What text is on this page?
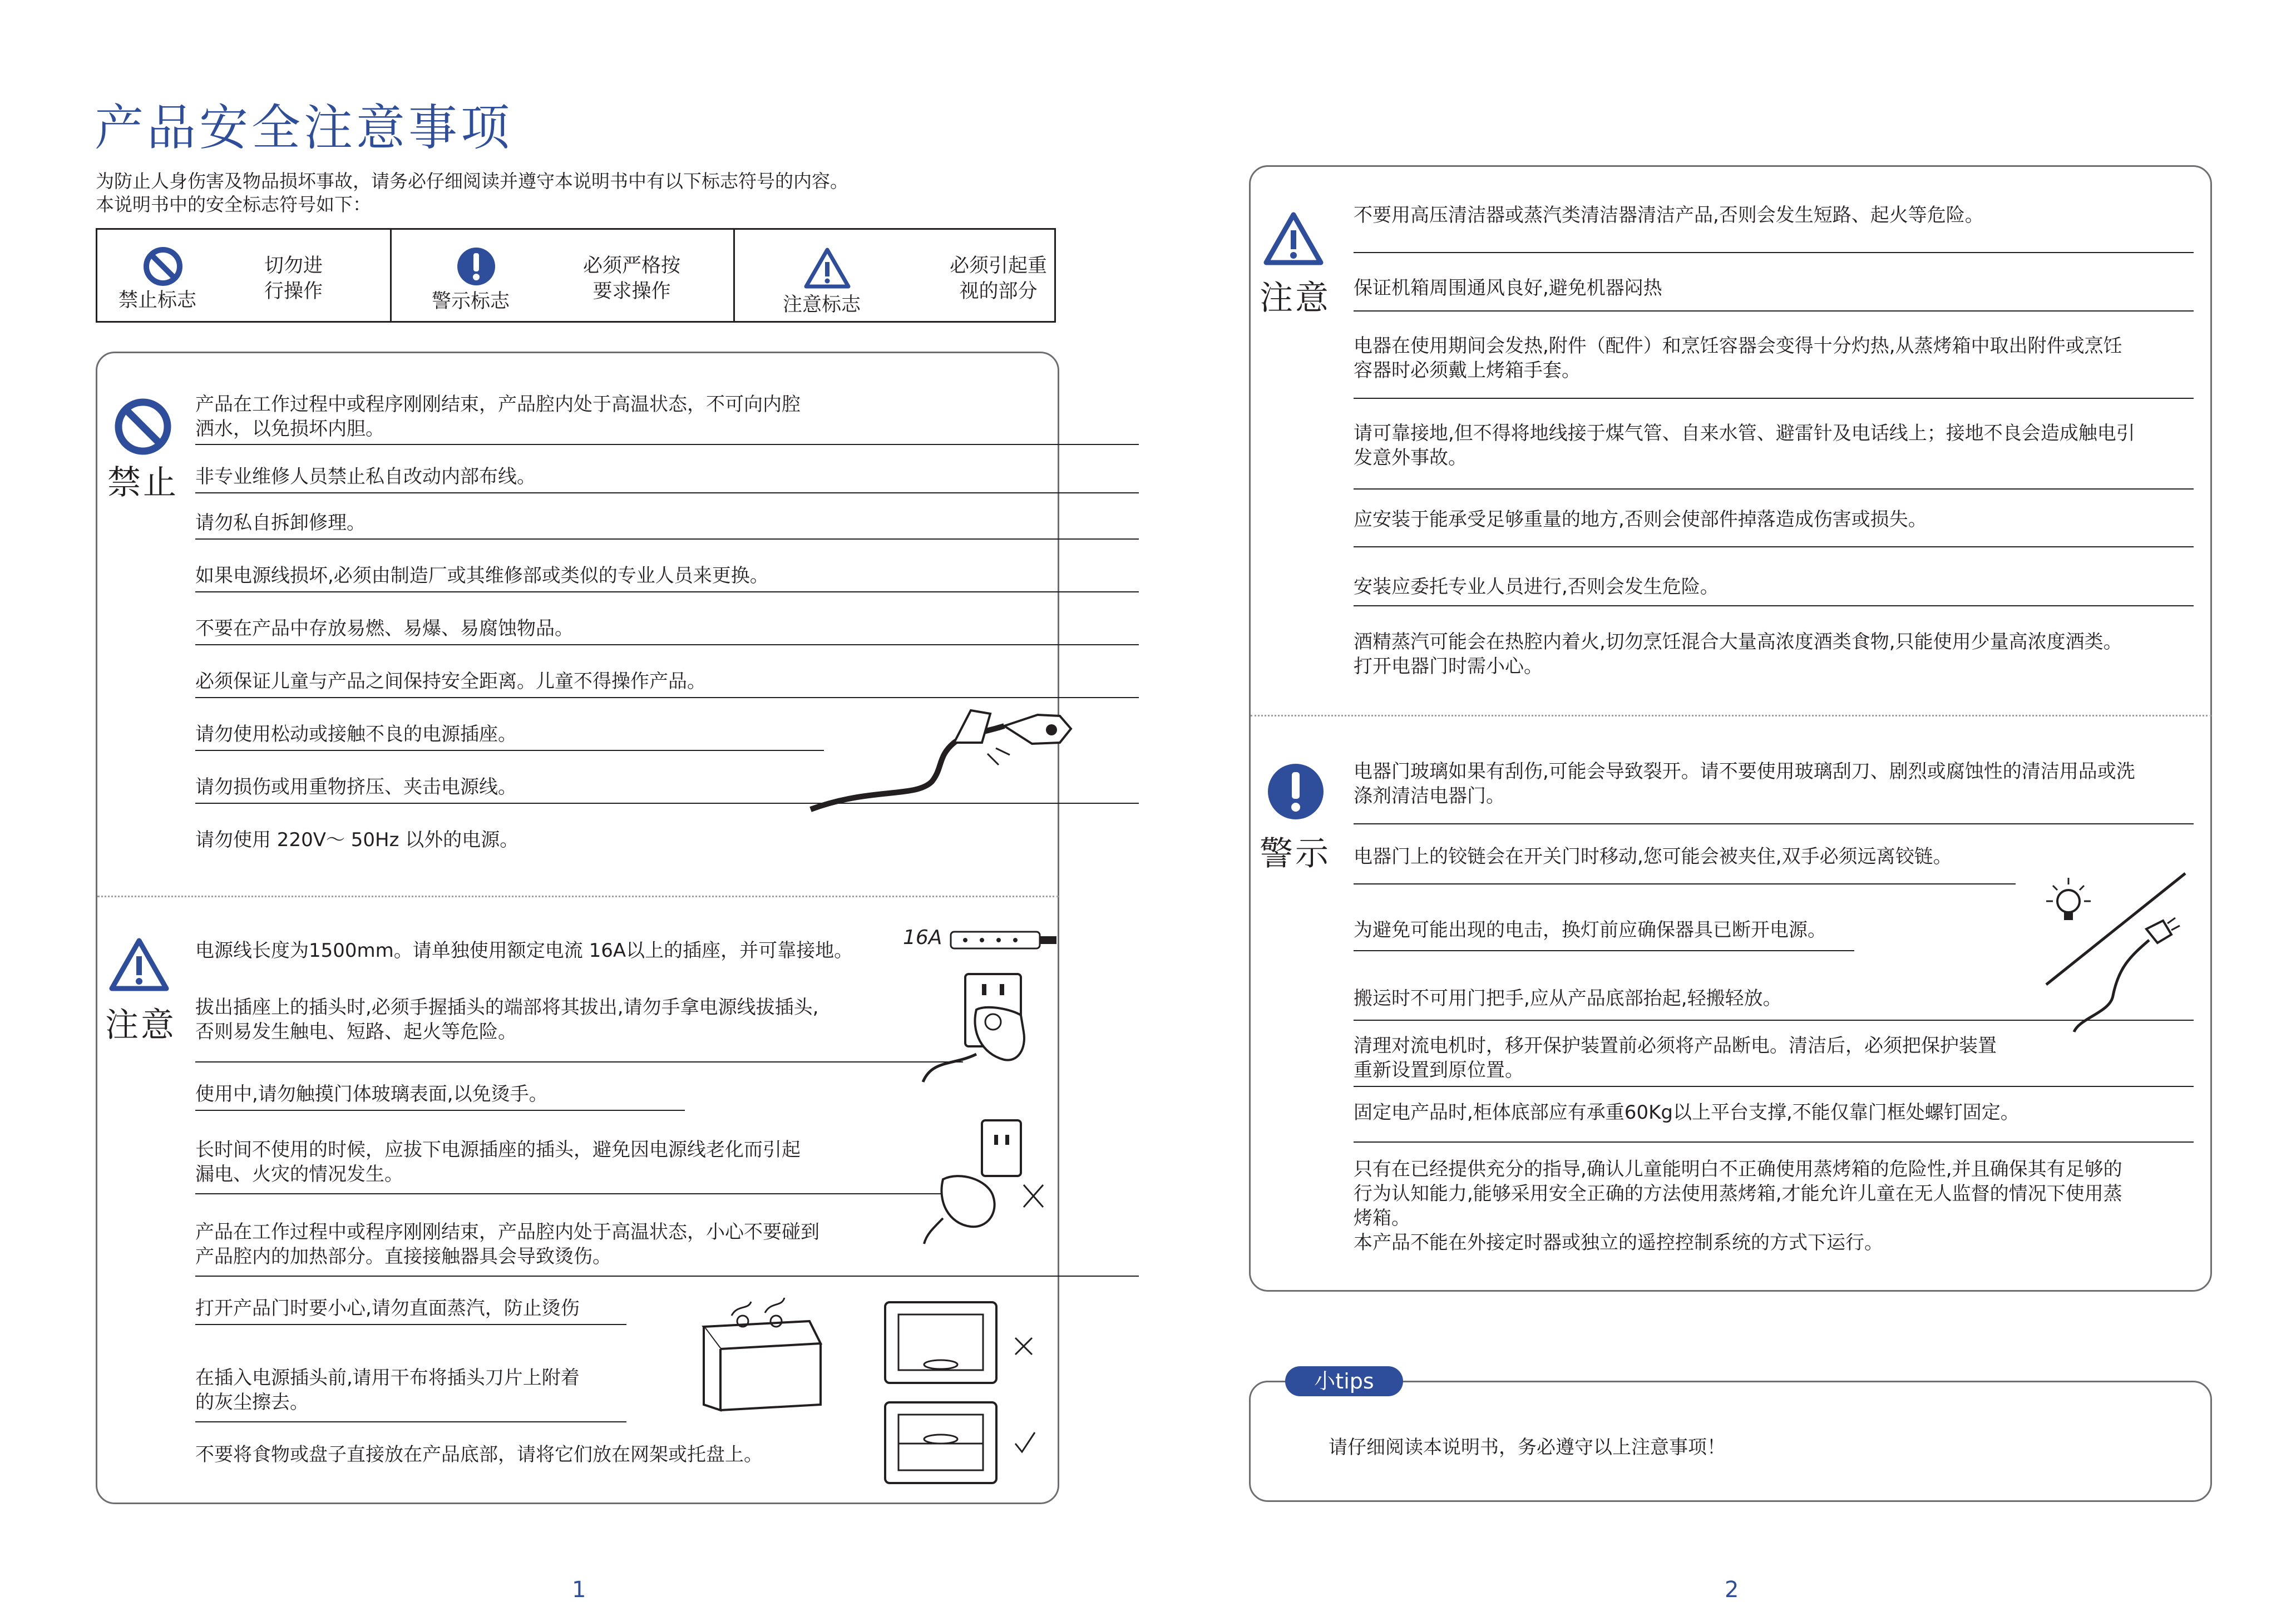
产品安全注意事项
为防止人身伤害及物品损坏事故，请务必仔细阅读并遵守本说明书中有以下标志符号的内容。
本说明书中的安全标志符号如下：
禁止标志
切勿进
行操作	警示标志
必须严格按
要求操作
注意标志
必须引起重
视的部分
禁止
产品在工作过程中或程序刚刚结束，产品腔内处于高温状态，不可向内腔
洒水，以免损坏内胆。
非专业维修人员禁止私自改动内部布线。
请勿私自拆卸修理。
如果电源线损坏,必须由制造厂或其维修部或类似的专业人员来更换。
不要在产品中存放易燃、易爆、易腐蚀物品。
必须保证儿童与产品之间保持安全距离。儿童不得操作产品。
请勿使用松动或接触不良的电源插座。
请勿损伤或用重物挤压、夹击电源线。
请勿使用 220V～ 50Hz 以外的电源。
注意
电源线长度为1500mm。请单独使用额定电流 16A以上的插座，并可靠接地。
拔出插座上的插头时,必须手握插头的端部将其拔出,请勿手拿电源线拔插头,
否则易发生触电、短路、起火等危险。
使用中,请勿触摸门体玻璃表面,以免烫手。
长时间不使用的时候，应拔下电源插座的插头，避免因电源线老化而引起
漏电、火灾的情况发生。
产品在工作过程中或程序刚刚结束，产品腔内处于高温状态，小心不要碰到
产品腔内的加热部分。直接接触器具会导致烫伤。
打开产品门时要小心,请勿直面蒸汽，防止烫伤
在插入电源插头前,请用干布将插头刀片上附着
的灰尘擦去。
不要将食物或盘子直接放在产品底部，请将它们放在网架或托盘上。
16A
1
注意
不要用高压清洁器或蒸汽类清洁器清洁产品,否则会发生短路、起火等危险。
保证机箱周围通风良好,避免机器闷热
电器在使用期间会发热,附件（配件）和烹饪容器会变得十分灼热,从蒸烤箱中取出附件或烹饪
容器时必须戴上烤箱手套。
请可靠接地,但不得将地线接于煤气管、自来水管、避雷针及电话线上；接地不良会造成触电引
发意外事故。
应安装于能承受足够重量的地方,否则会使部件掉落造成伤害或损失。
安装应委托专业人员进行,否则会发生危险。
酒精蒸汽可能会在热腔内着火,切勿烹饪混合大量高浓度酒类食物,只能使用少量高浓度酒类。
打开电器门时需小心。
警示
电器门玻璃如果有刮伤,可能会导致裂开。请不要使用玻璃刮刀、剧烈或腐蚀性的清洁用品或洗
涤剂清洁电器门。
电器门上的铰链会在开关门时移动,您可能会被夹住,双手必须远离铰链。
为避免可能出现的电击，换灯前应确保器具已断开电源。
搬运时不可用门把手,应从产品底部抬起,轻搬轻放。
清理对流电机时，移开保护装置前必须将产品断电。清洁后，必须把保护装置
重新设置到原位置。
固定电产品时,柜体底部应有承重60Kg以上平台支撑,不能仅靠门框处螺钉固定。
只有在已经提供充分的指导,确认儿童能明白不正确使用蒸烤箱的危险性,并且确保其有足够的
行为认知能力,能够采用安全正确的方法使用蒸烤箱,才能允许儿童在无人监督的情况下使用蒸
烤箱。
本产品不能在外接定时器或独立的遥控控制系统的方式下运行。
2
请仔细阅读本说明书，务必遵守以上注意事项！
小tips
